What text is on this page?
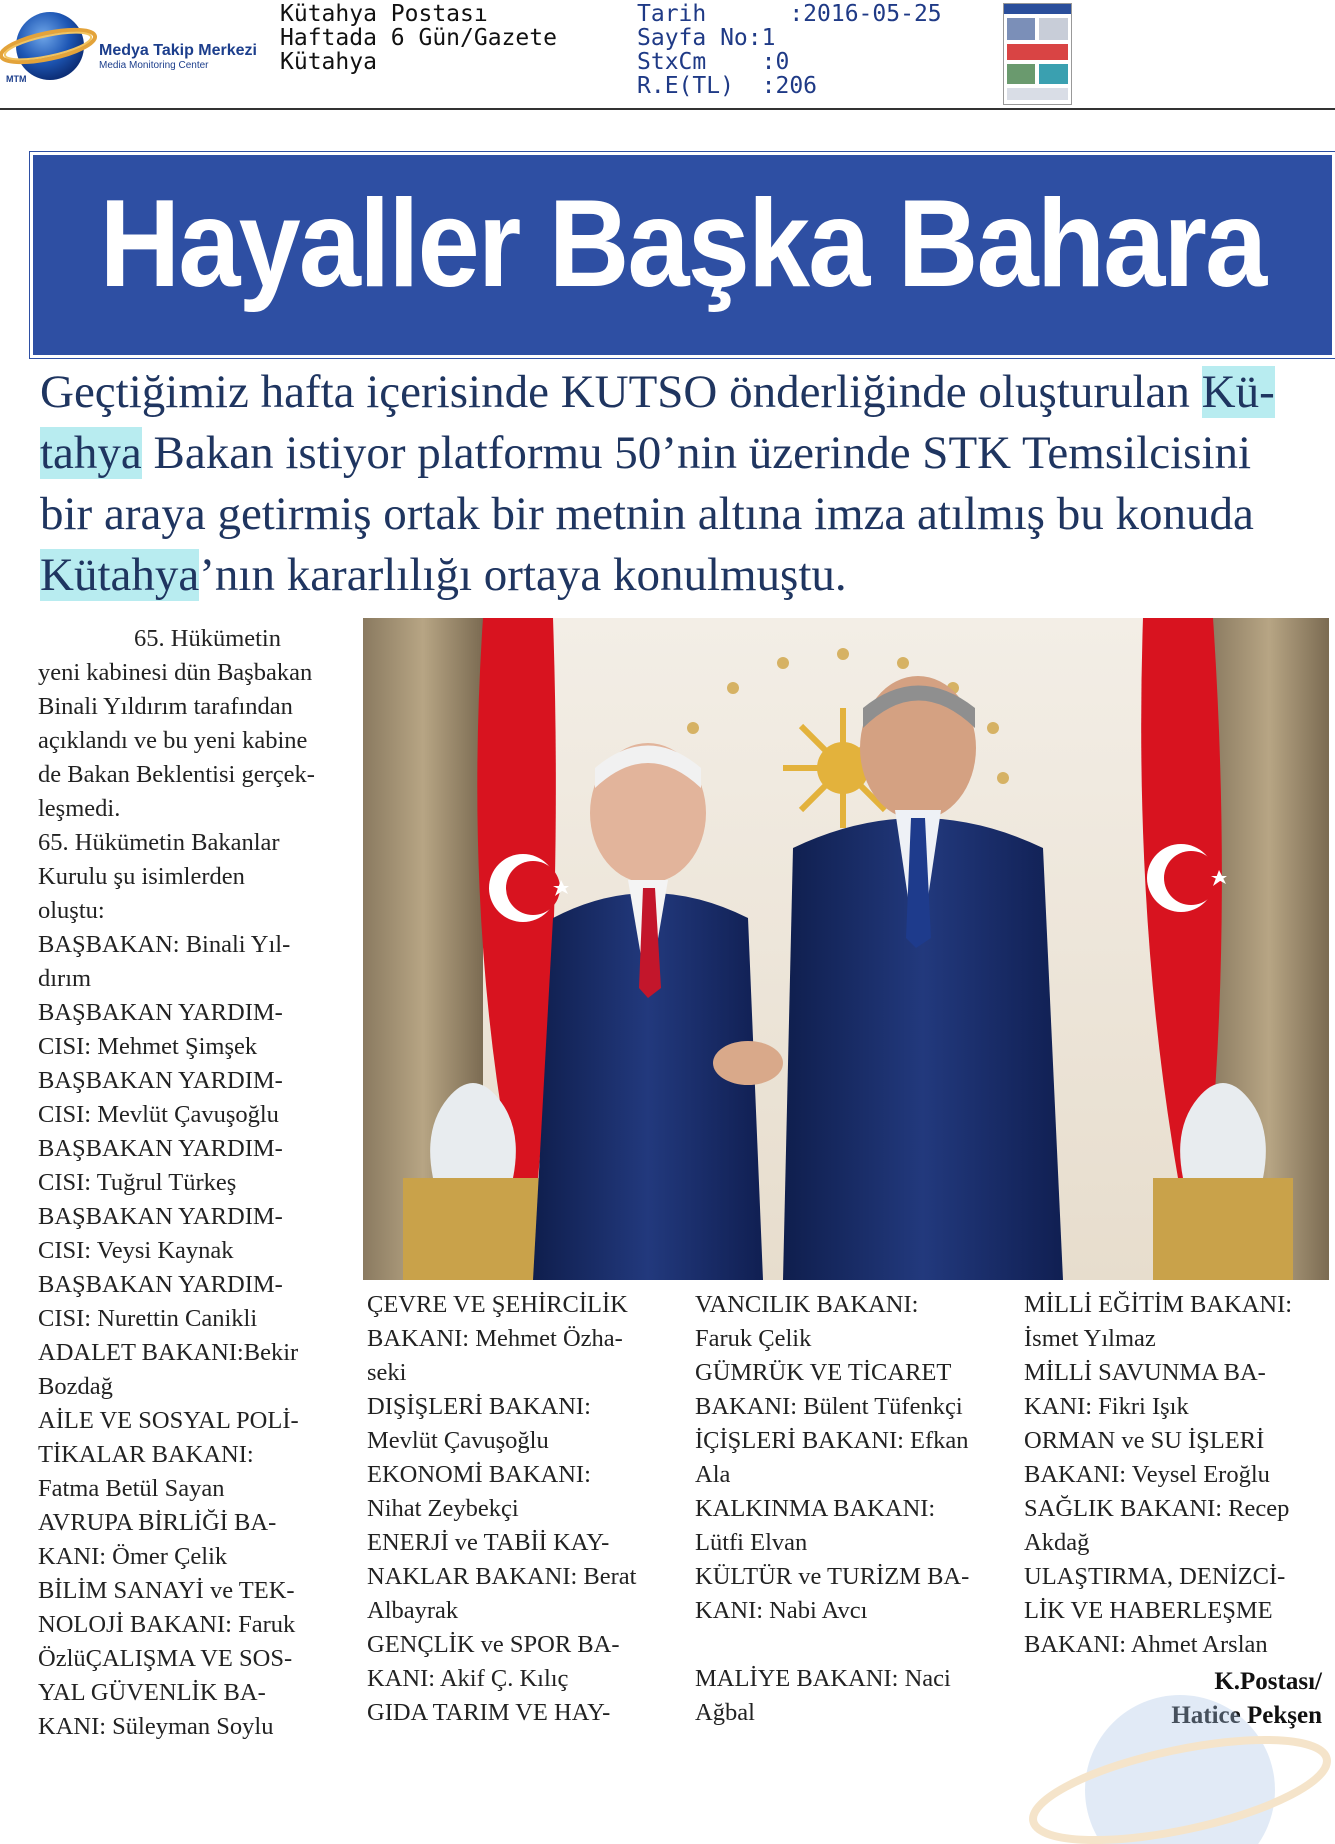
Medya Takip Merkezi
Media Monitoring Center
MTM
Kütahya Postası
Haftada 6 Gün/Gazete
Kütahya
Tarih      :2016-05-25
Sayfa No:1
StxCm    :0
R.E(TL)  :206
Hayaller Başka Bahara
Geçtiğimiz hafta içerisinde KUTSO önderliğinde oluşturulan Kü-
tahya Bakan istiyor platformu 50’nin üzerinde STK Temsilcisini bir araya getirmiş ortak bir metnin altına imza atılmış bu konuda Kütahya’nın kararlılığı ortaya konulmuştu.

65. Hükümetin

yeni kabinesi dün Başbakan

Binali Yıldırım tarafından

açıklandı ve bu yeni kabine

de Bakan Beklentisi gerçek-

leşmedi.

65. Hükümetin Bakanlar

Kurulu şu isimlerden

oluştu:

BAŞBAKAN: Binali Yıl-

dırım

BAŞBAKAN YARDIM-

CISI: Mehmet Şimşek

BAŞBAKAN YARDIM-

CISI: Mevlüt Çavuşoğlu

BAŞBAKAN YARDIM-

CISI: Tuğrul Türkeş

BAŞBAKAN YARDIM-

CISI: Veysi Kaynak

BAŞBAKAN YARDIM-

CISI: Nurettin Canikli

ADALET BAKANI:Bekir

Bozdağ

AİLE VE SOSYAL POLİ-

TİKALAR BAKANI:

Fatma Betül Sayan

AVRUPA BİRLİĞİ BA-

KANI: Ömer Çelik

BİLİM SANAYİ ve TEK-

NOLOJİ BAKANI: Faruk

ÖzlüÇALIŞMA VE SOS-

YAL GÜVENLİK BA-

KANI: Süleyman Soylu

ÇEVRE VE ŞEHİRCİLİK

BAKANI: Mehmet Özha-

seki

DIŞİŞLERİ BAKANI:

Mevlüt Çavuşoğlu

EKONOMİ BAKANI:

Nihat Zeybekçi

ENERJİ ve TABİİ KAY-

NAKLAR BAKANI: Berat

Albayrak

GENÇLİK ve SPOR BA-

KANI: Akif Ç. Kılıç

GIDA TARIM VE HAY-

VANCILIK BAKANI:

Faruk Çelik

GÜMRÜK VE TİCARET

BAKANI: Bülent Tüfenkçi

İÇİŞLERİ BAKANI: Efkan

Ala

KALKINMA BAKANI:

Lütfi Elvan

KÜLTÜR ve TURİZM BA-

KANI: Nabi Avcı

MALİYE BAKANI: Naci

Ağbal

MİLLİ EĞİTİM BAKANI:

İsmet Yılmaz

MİLLİ SAVUNMA BA-

KANI: Fikri Işık

ORMAN ve SU İŞLERİ

BAKANI: Veysel Eroğlu

SAĞLIK BAKANI: Recep

Akdağ

ULAŞTIRMA, DENİZCİ-

LİK VE HABERLEŞME

BAKANI: Ahmet Arslan

K.Postası/
Hatice Pekşen
